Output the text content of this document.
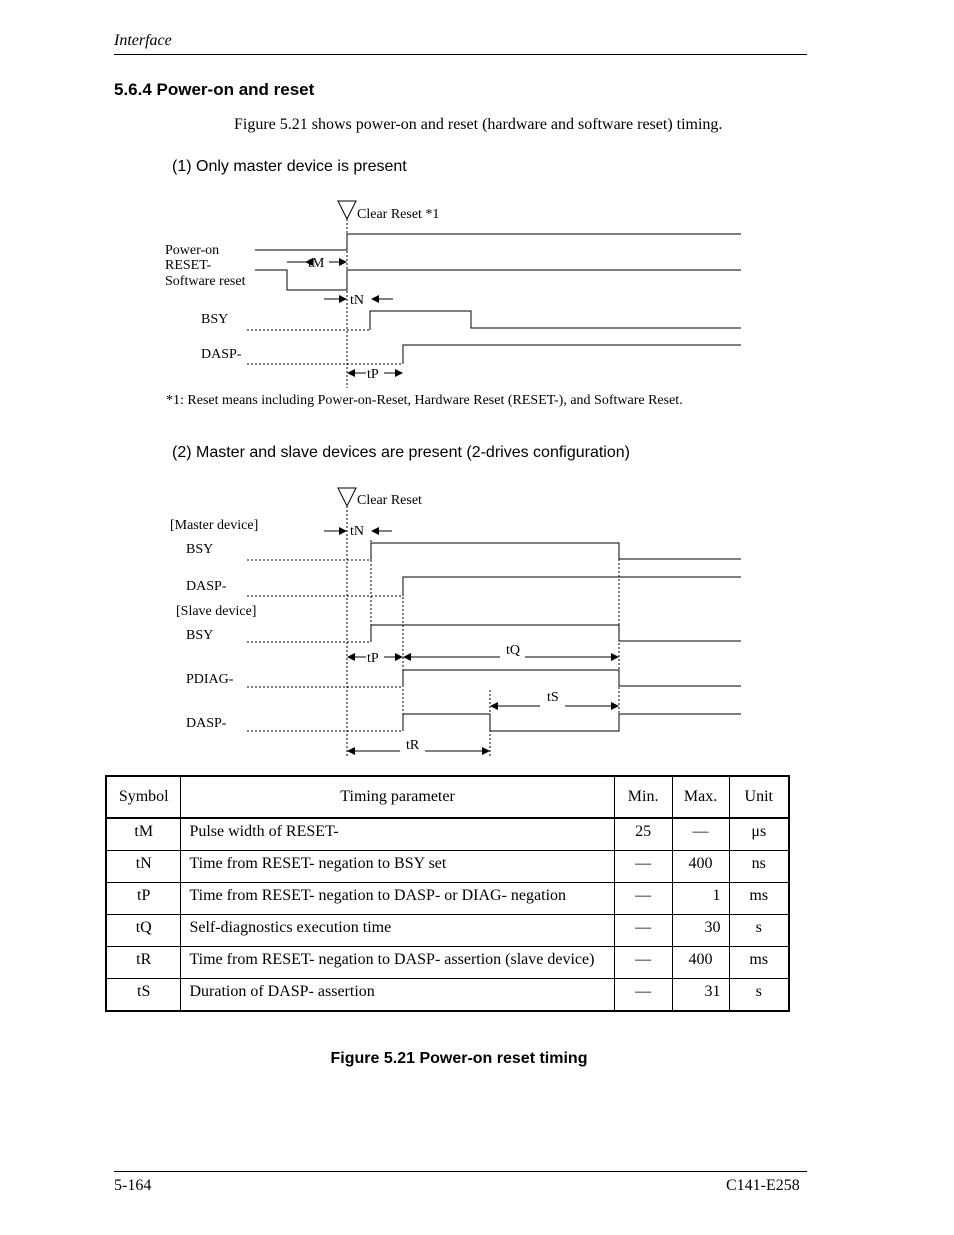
Interface
5.6.4 Power-on and reset
Figure 5.21 shows power-on and reset (hardware and software reset) timing.
(1) Only master device is present
(2) Master and slave devices are present (2-drives configuration)
Clear Reset *1
Power-on
RESET-
Software reset
BSY
DASP-
tM
tN
tP
Clear Reset
[Master device]
BSY
DASP-
[Slave device]
BSY
PDIAG-
DASP-
tN
tP
tQ
tS
tR
*1: Reset means including Power-on-Reset, Hardware Reset (RESET-), and Software Reset.
Symbol	Timing parameter	Min.	Max.	Unit
tM	Pulse width of RESET-	25	—	μs
tN	Time from RESET- negation to BSY set	—	400	ns
tP	Time from RESET- negation to DASP- or DIAG- negation	—	1	ms
tQ	Self-diagnostics execution time	—	30	s
tR	Time from RESET- negation to DASP- assertion (slave device)	—	400	ms
tS	Duration of DASP- assertion	—	31	s
Figure 5.21 Power-on reset timing
5-164	C141-E258
